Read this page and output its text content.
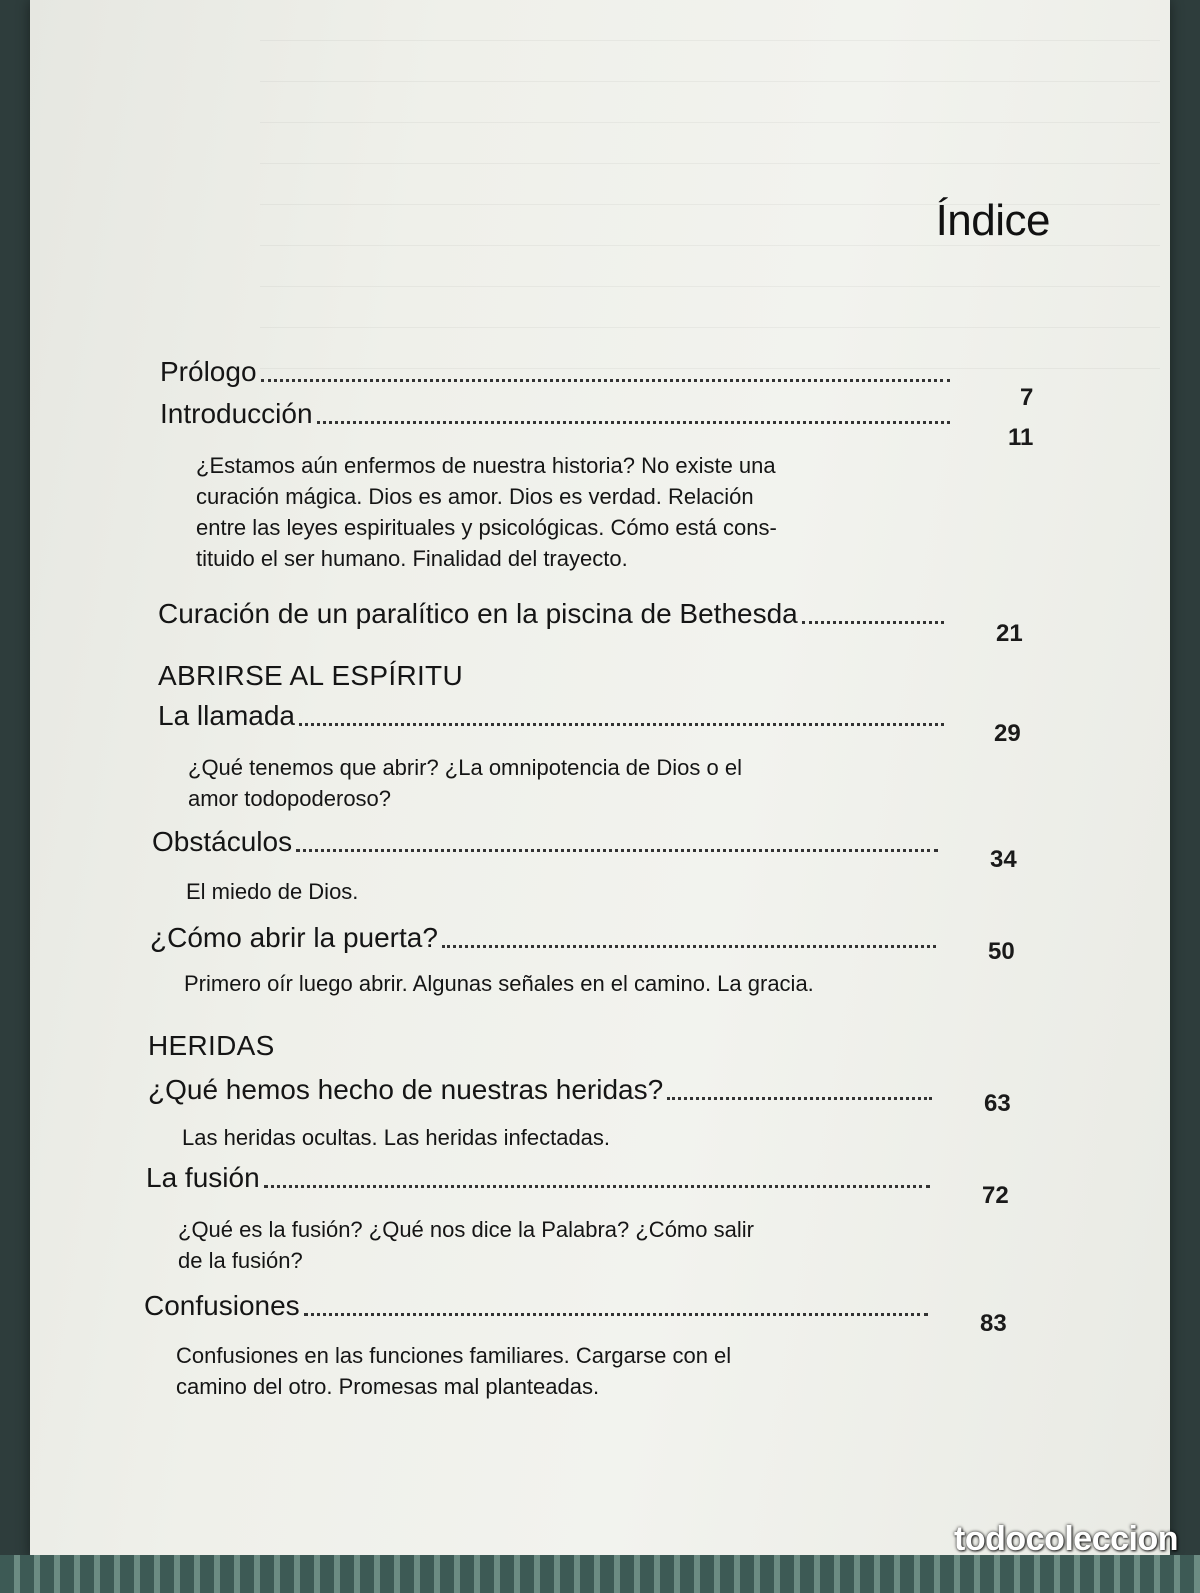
Índice
Prólogo
7
Introducción
11
¿Estamos aún enfermos de nuestra historia? No existe una
curación mágica. Dios es amor. Dios es verdad. Relación
entre las leyes espirituales y psicológicas. Cómo está cons-
tituido el ser humano. Finalidad del trayecto.
Curación de un paralítico en la piscina de Bethesda
21
ABRIRSE AL ESPÍRITU
La llamada
29
¿Qué tenemos que abrir? ¿La omnipotencia de Dios o el
amor todopoderoso?
Obstáculos
34
El miedo de Dios.
¿Cómo abrir la puerta?	50
Primero oír luego abrir. Algunas señales en el camino. La gracia.
HERIDAS
¿Qué hemos hecho de nuestras heridas?	63
Las heridas ocultas. Las heridas infectadas.
La fusión
72
¿Qué es la fusión? ¿Qué nos dice la Palabra? ¿Cómo salir
de la fusión?
Confusiones
83
Confusiones en las funciones familiares. Cargarse con el
camino del otro. Promesas mal planteadas.
todocoleccion
